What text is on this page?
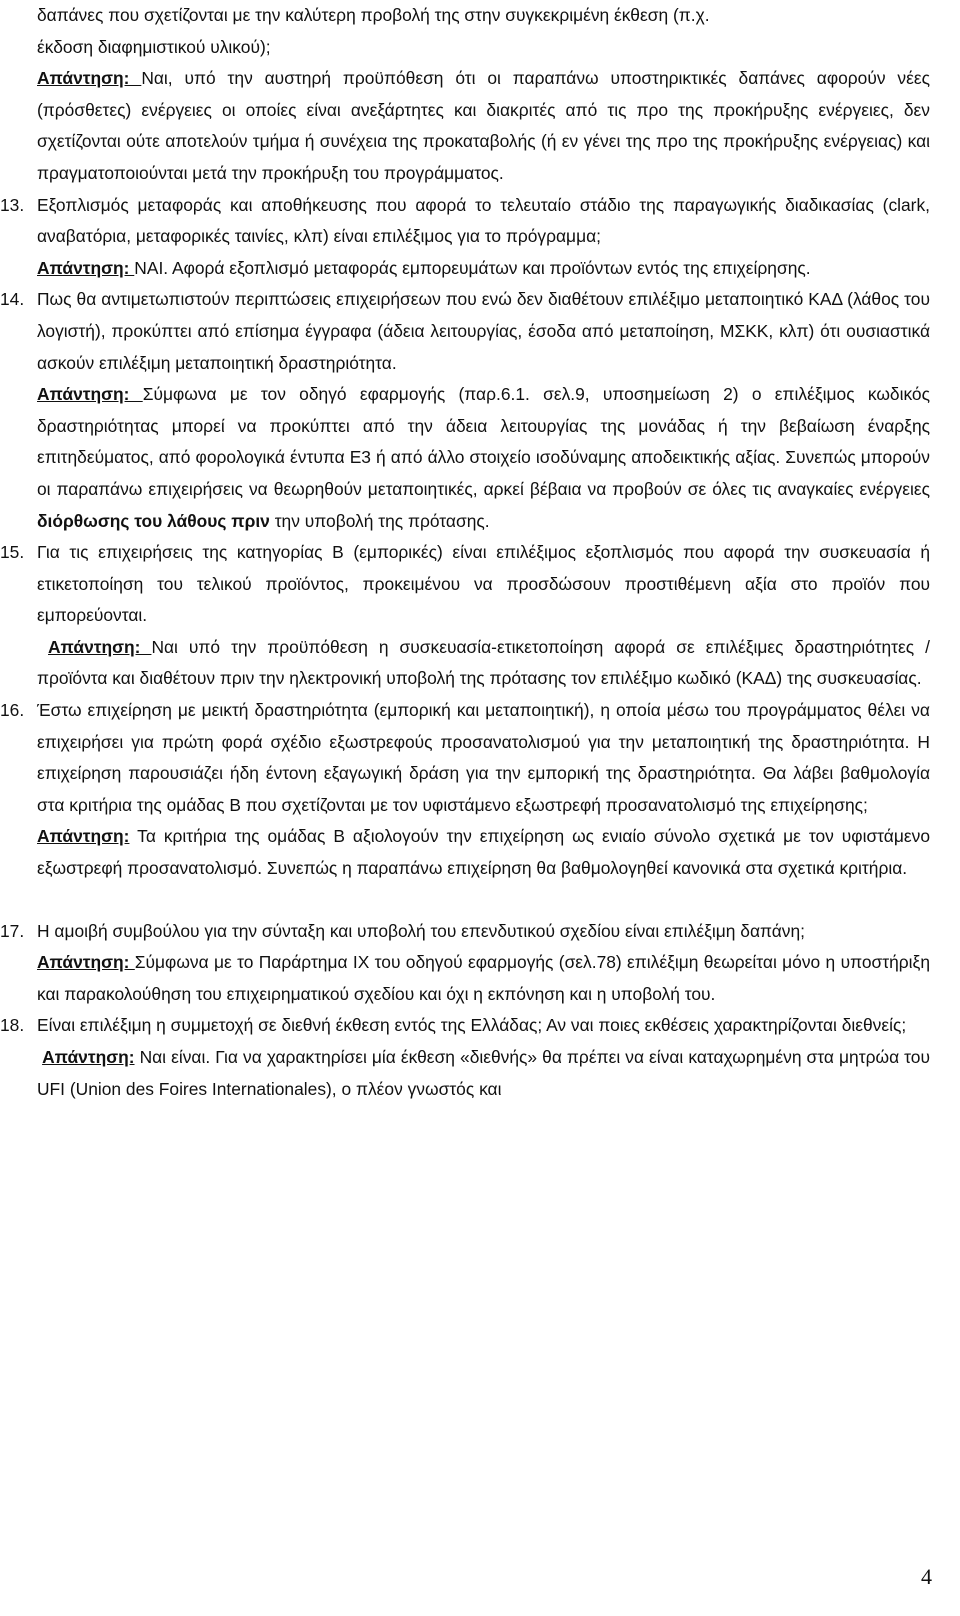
δαπάνες που σχετίζονται με την καλύτερη προβολή της στην συγκεκριμένη έκθεση (π.χ.
έκδοση διαφημιστικού υλικού);
Απάντηση: Ναι, υπό την αυστηρή προϋπόθεση ότι οι παραπάνω υποστηρικτικές δαπάνες αφορούν νέες (πρόσθετες) ενέργειες οι οποίες είναι ανεξάρτητες και διακριτές από τις προ της προκήρυξης ενέργειες, δεν σχετίζονται ούτε αποτελούν τμήμα ή συνέχεια της προκαταβολής (ή εν γένει της προ της προκήρυξης ενέργειας) και πραγματοποιούνται μετά την προκήρυξη του προγράμματος.

13. Εξοπλισμός μεταφοράς και αποθήκευσης που αφορά το τελευταίο στάδιο της παραγωγικής διαδικασίας (clark, αναβατόρια, μεταφορικές ταινίες, κλπ) είναι επιλέξιμος για το πρόγραμμα;
Απάντηση: ΝΑΙ. Αφορά εξοπλισμό μεταφοράς εμπορευμάτων και προϊόντων εντός της επιχείρησης.

14. Πως θα αντιμετωπιστούν περιπτώσεις επιχειρήσεων που ενώ δεν διαθέτουν επιλέξιμο μεταποιητικό ΚΑΔ (λάθος του λογιστή), προκύπτει από επίσημα έγγραφα (άδεια λειτουργίας, έσοδα από μεταποίηση, ΜΣΚΚ, κλπ) ότι ουσιαστικά ασκούν επιλέξιμη μεταποιητική δραστηριότητα.
Απάντηση: Σύμφωνα με τον οδηγό εφαρμογής (παρ.6.1. σελ.9, υποσημείωση 2) ο επιλέξιμος κωδικός δραστηριότητας μπορεί να προκύπτει από την άδεια λειτουργίας της μονάδας ή την βεβαίωση έναρξης επιτηδεύματος, από φορολογικά έντυπα Ε3 ή από άλλο στοιχείο ισοδύναμης αποδεικτικής αξίας. Συνεπώς μπορούν οι παραπάνω επιχειρήσεις να θεωρηθούν μεταποιητικές, αρκεί βέβαια να προβούν σε όλες τις αναγκαίες ενέργειες διόρθωσης του λάθους πριν την υποβολή της πρότασης.

15. Για τις επιχειρήσεις της κατηγορίας Β (εμπορικές) είναι επιλέξιμος εξοπλισμός που αφορά την συσκευασία ή ετικετοποίηση του τελικού προϊόντος, προκειμένου να προσδώσουν προστιθέμενη αξία στο προϊόν που εμπορεύονται.
Απάντηση: Ναι υπό την προϋπόθεση η συσκευασία-ετικετοποίηση αφορά σε επιλέξιμες δραστηριότητες / προϊόντα και διαθέτουν πριν την ηλεκτρονική υποβολή της πρότασης τον επιλέξιμο κωδικό (ΚΑΔ) της συσκευασίας.

16. Έστω επιχείρηση με μεικτή δραστηριότητα (εμπορική και μεταποιητική), η οποία μέσω του προγράμματος θέλει να επιχειρήσει για πρώτη φορά σχέδιο εξωστρεφούς προσανατολισμού για την μεταποιητική της δραστηριότητα. Η επιχείρηση παρουσιάζει ήδη έντονη εξαγωγική δράση για την εμπορική της δραστηριότητα. Θα λάβει βαθμολογία στα κριτήρια της ομάδας Β που σχετίζονται με τον υφιστάμενο εξωστρεφή προσανατολισμό της επιχείρησης;
Απάντηση: Τα κριτήρια της ομάδας Β αξιολογούν την επιχείρηση ως ενιαίο σύνολο σχετικά με τον υφιστάμενο εξωστρεφή προσανατολισμό. Συνεπώς η παραπάνω επιχείρηση θα βαθμολογηθεί κανονικά στα σχετικά κριτήρια.

17. Η αμοιβή συμβούλου για την σύνταξη και υποβολή του επενδυτικού σχεδίου είναι επιλέξιμη δαπάνη;
Απάντηση: Σύμφωνα με το Παράρτημα ΙΧ του οδηγού εφαρμογής (σελ.78) επιλέξιμη θεωρείται μόνο η υποστήριξη και παρακολούθηση του επιχειρηματικού σχεδίου και όχι η εκπόνηση και η υποβολή του.

18. Είναι επιλέξιμη η συμμετοχή σε διεθνή έκθεση εντός της Ελλάδας; Αν ναι ποιες εκθέσεις χαρακτηρίζονται διεθνείς;
Απάντηση: Ναι είναι. Για να χαρακτηρίσει μία έκθεση «διεθνής» θα πρέπει να είναι καταχωρημένη στα μητρώα του UFI (Union des Foires Internationales), ο πλέον γνωστός και

4
